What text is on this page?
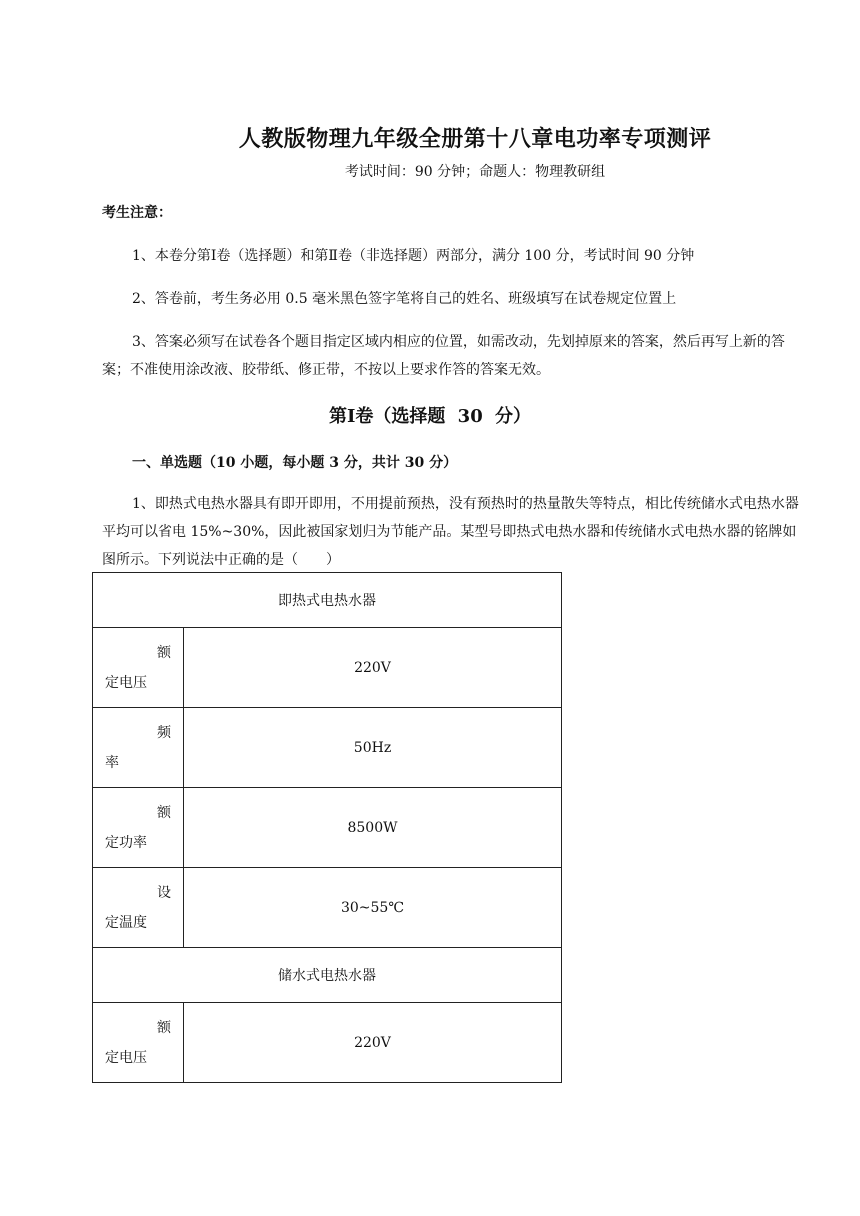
人教版物理九年级全册第十八章电功率专项测评
考试时间：90 分钟；命题人：物理教研组
考生注意：
1、本卷分第Ⅰ卷（选择题）和第Ⅱ卷（非选择题）两部分，满分 100 分，考试时间 90 分钟
2、答卷前，考生务必用 0.5 毫米黑色签字笔将自己的姓名、班级填写在试卷规定位置上
3、答案必须写在试卷各个题目指定区域内相应的位置，如需改动，先划掉原来的答案，然后再写上新的答案；不准使用涂改液、胶带纸、修正带，不按以上要求作答的答案无效。
第Ⅰ卷（选择题 30 分）
一、单选题（10 小题，每小题 3 分，共计 30 分）
1、即热式电热水器具有即开即用，不用提前预热，没有预热时的热量散失等特点，相比传统储水式电热水器平均可以省电 15%~30%，因此被国家划归为节能产品。某型号即热式电热水器和传统储水式电热水器的铭牌如图所示。下列说法中正确的是（　　）
即热式电热水器	

额
定电压	220V

频
率	50Hz

额
定功率	8500W

设
定温度	30~55℃
储水式电热水器	

额
定电压	220V
